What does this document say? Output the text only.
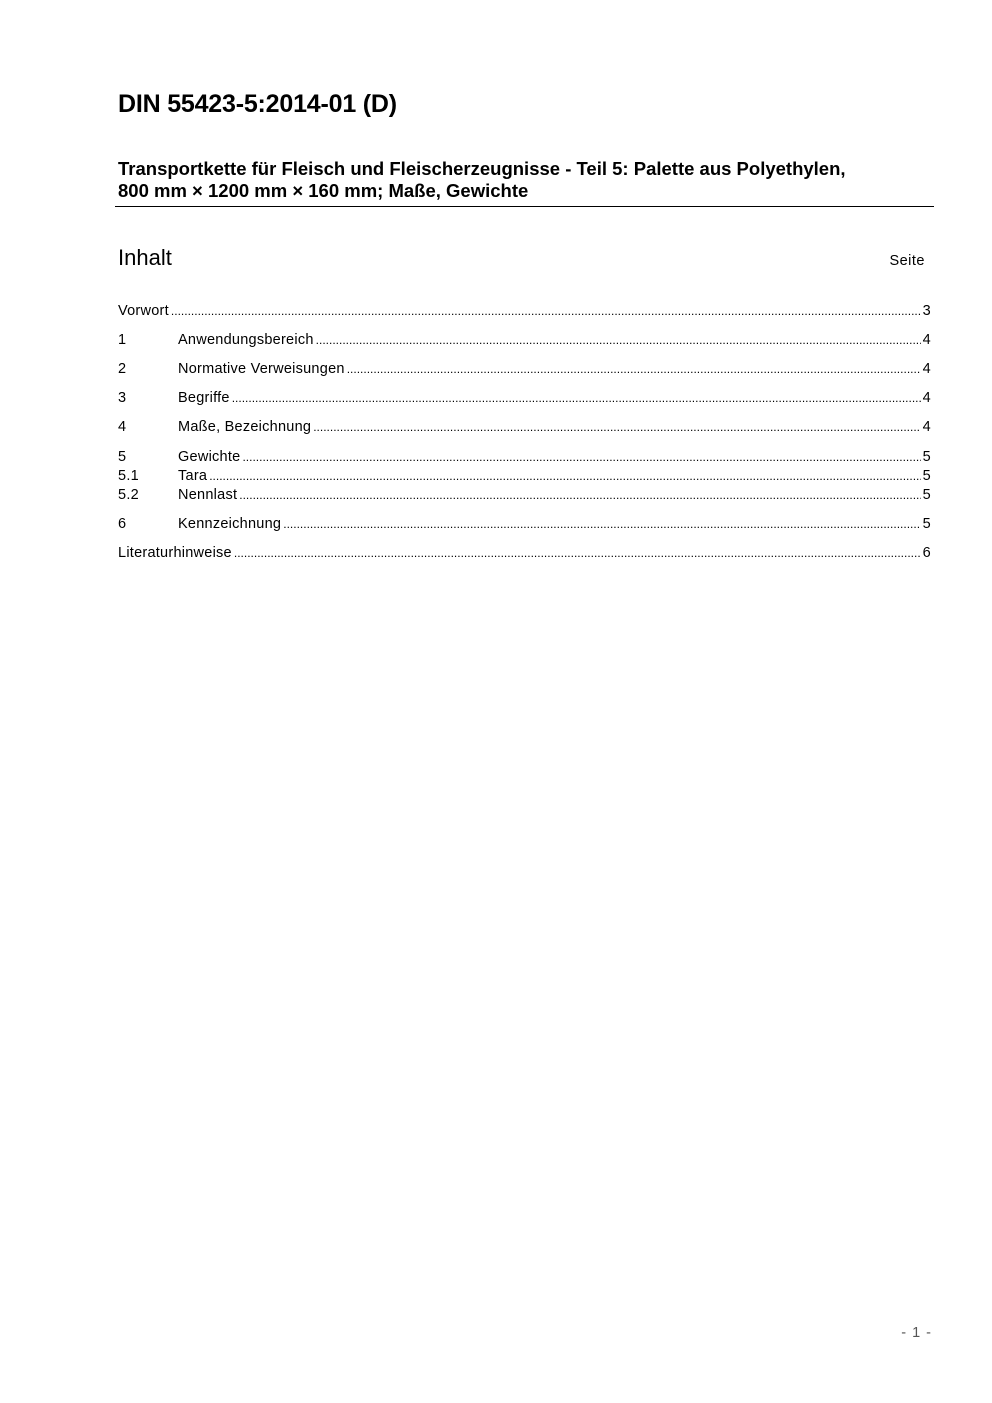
DIN 55423-5:2014-01 (D)
Transportkette für Fleisch und Fleischerzeugnisse - Teil 5: Palette aus Polyethylen,
800 mm × 1200 mm × 160 mm; Maße, Gewichte
Inhalt	Seite
Vorwort .....	3
1	Anwendungsbereich .....	4
2	Normative Verweisungen .....	4
3	Begriffe .....	4
4	Maße, Bezeichnung .....	4
5	Gewichte .....	5
5.1	Tara .....	5
5.2	Nennlast .....	5
6	Kennzeichnung .....	5
Literaturhinweise .....	6
- 1 -
